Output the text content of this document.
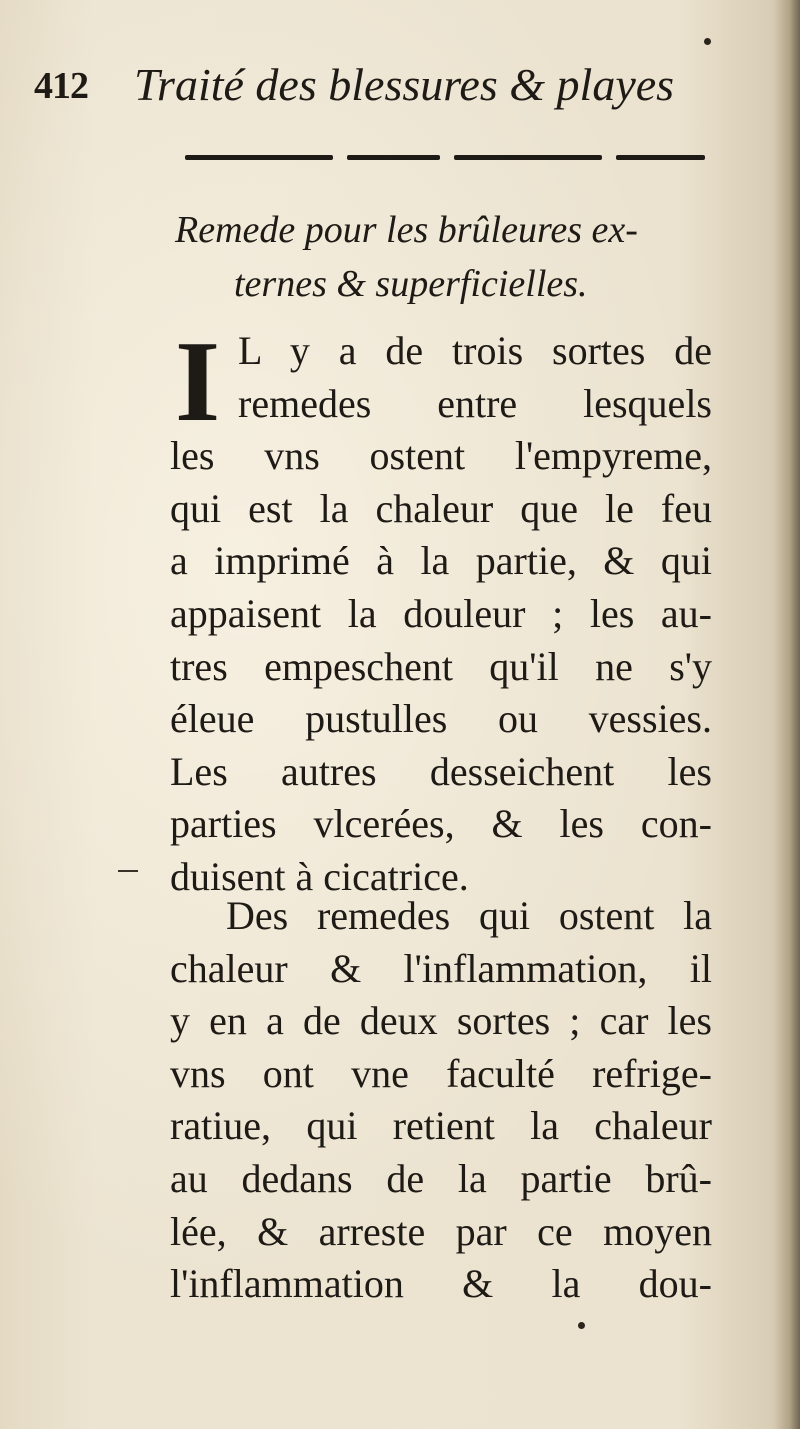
412 Traité des blessures & playes
Remede pour les brûleures ex-
ternes & superficielles.
I L y a de trois sortes de
remedes entre lesquels
les vns ostent l'empyreme,
qui est la chaleur que le feu
a imprimé à la partie, & qui
appaisent la douleur ; les au-
tres empeschent qu'il ne s'y
éleue pustulles ou vessies.
Les autres desseichent les
parties vlcerées, & les con-
duisent à cicatrice.
Des remedes qui ostent la
chaleur & l'inflammation, il
y en a de deux sortes ; car les
vns ont vne faculté refrige-
ratiue, qui retient la chaleur
au dedans de la partie brû-
lée, & arreste par ce moyen
l'inflammation & la dou-
